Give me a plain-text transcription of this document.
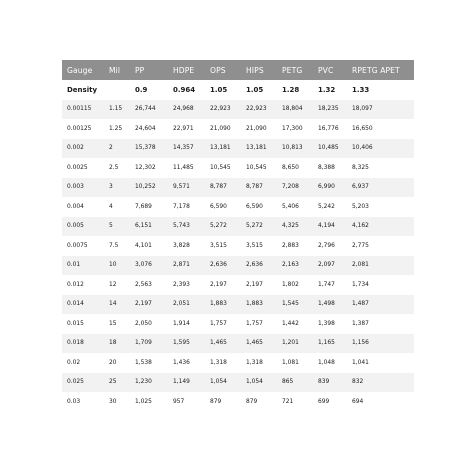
Gauge	Mil	PP	HDPE	OPS	HIPS	PETG	PVC	RPETG APET
Density		0.9	0.964	1.05	1.05	1.28	1.32	1.33
0.00115	1.15	26,744	24,968	22,923	22,923	18,804	18,235	18,097
0.00125	1.25	24,604	22,971	21,090	21,090	17,300	16,776	16,650
0.002	2	15,378	14,357	13,181	13,181	10,813	10,485	10,406
0.0025	2.5	12,302	11,485	10,545	10,545	8,650	8,388	8,325
0.003	3	10,252	9,571	8,787	8,787	7,208	6,990	6,937
0.004	4	7,689	7,178	6,590	6,590	5,406	5,242	5,203
0.005	5	6,151	5,743	5,272	5,272	4,325	4,194	4,162
0.0075	7.5	4,101	3,828	3,515	3,515	2,883	2,796	2,775
0.01	10	3,076	2,871	2,636	2,636	2,163	2,097	2,081
0.012	12	2,563	2,393	2,197	2,197	1,802	1,747	1,734
0.014	14	2,197	2,051	1,883	1,883	1,545	1,498	1,487
0.015	15	2,050	1,914	1,757	1,757	1,442	1,398	1,387
0.018	18	1,709	1,595	1,465	1,465	1,201	1,165	1,156
0.02	20	1,538	1,436	1,318	1,318	1,081	1,048	1,041
0.025	25	1,230	1,149	1,054	1,054	865	839	832
0.03	30	1,025	957	879	879	721	699	694
